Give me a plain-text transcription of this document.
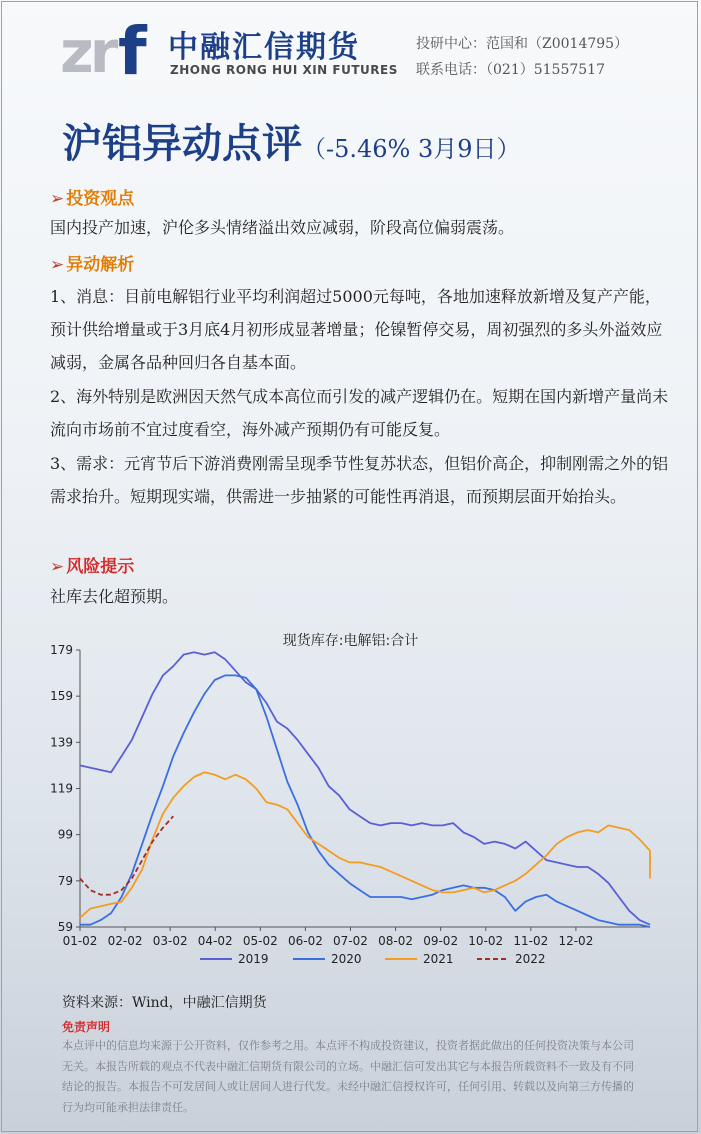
zr f 中融汇信期货
ZHONG RONG HUI XIN FUTURES
投研中心：范国和（Z0014795）
联系电话：（021）51557517
沪铝异动点评（-5.46% 3月9日）
➢ 投资观点

国内投产加速，沪伦多头情绪溢出效应减弱，阶段高位偏弱震荡。

➢ 异动解析

1、消息：目前电解铝行业平均利润超过5000元每吨，各地加速释放新增及复产产能，预计供给增量或于3月底4月初形成显著增量；伦镍暂停交易，周初强烈的多头外溢效应减弱，金属各品种回归各自基本面。

2、海外特别是欧洲因天然气成本高位而引发的减产逻辑仍在。短期在国内新增产量尚未流向市场前不宜过度看空，海外减产预期仍有可能反复。

3、需求：元宵节后下游消费刚需呈现季节性复苏状态，但铝价高企，抑制刚需之外的铝需求抬升。短期现实端，供需进一步抽紧的可能性再消退，而预期层面开始抬头。

➢ 风险提示

社库去化超预期。

现货库存:电解铝:合计
179
159
139
119
99
79
59
01-02 02-02 03-02 04-02 05-02 06-02 07-02 08-02 09-02 10-02 11-02 12-02
2019	2020	2021	2022
资料来源：Wind，中融汇信期货
免责声明

本点评中的信息均来源于公开资料，仅作参考之用。本点评不构成投资建议，投资者据此做出的任何投资决策与本公司无关。本报告所载的观点不代表中融汇信期货有限公司的立场。中融汇信可发出其它与本报告所载资料不一致及有不同结论的报告。本报告不可发居间人或让居间人进行代发。未经中融汇信授权许可，任何引用、转载以及向第三方传播的行为均可能承担法律责任。
